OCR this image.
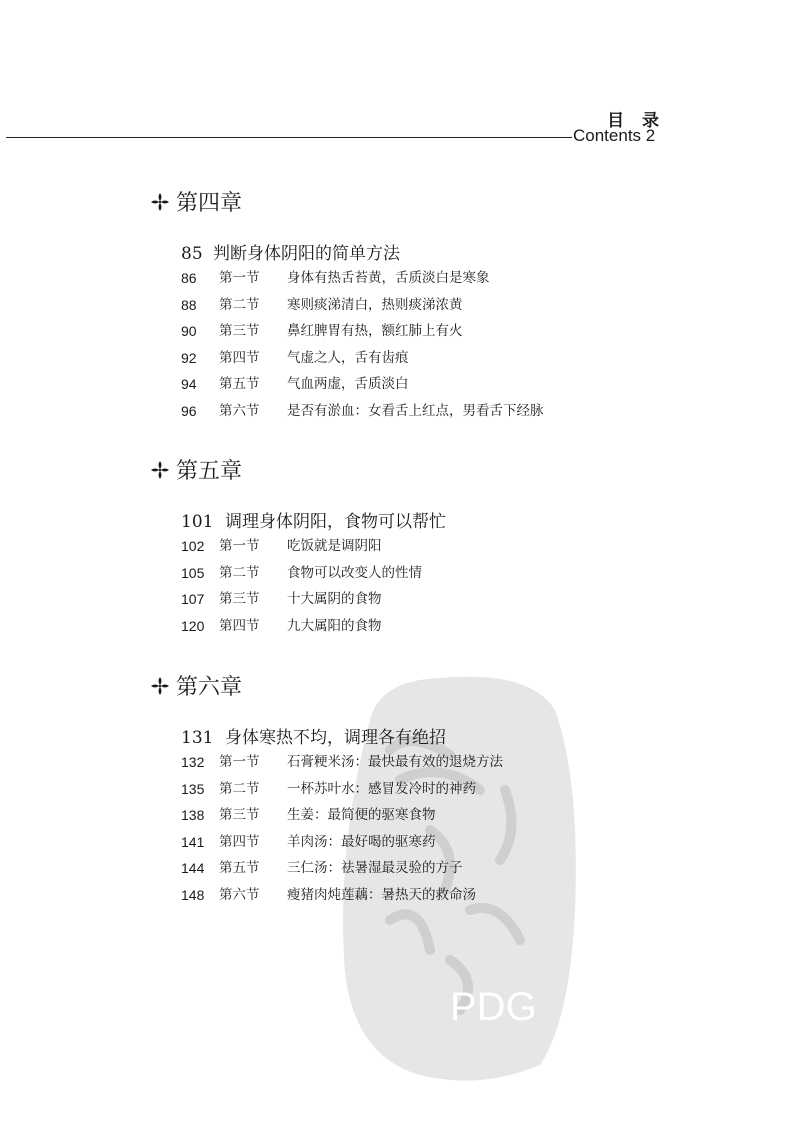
目 录
Contents 2
PDG
第四章
85 判断身体阴阳的简单方法
86	第一节	身体有热舌苔黄，舌质淡白是寒象
88	第二节	寒则痰涕清白，热则痰涕浓黄
90	第三节	鼻红脾胃有热，额红肺上有火
92	第四节	气虚之人，舌有齿痕
94	第五节	气血两虚，舌质淡白
96	第六节	是否有淤血：女看舌上红点，男看舌下经脉
第五章
101 调理身体阴阳，食物可以帮忙
102	第一节	吃饭就是调阴阳
105	第二节	食物可以改变人的性情
107	第三节	十大属阴的食物
120	第四节	九大属阳的食物
第六章
131 身体寒热不均，调理各有绝招
132	第一节	石膏粳米汤：最快最有效的退烧方法
135	第二节	一杯苏叶水：感冒发冷时的神药
138	第三节	生姜：最简便的驱寒食物
141	第四节	羊肉汤：最好喝的驱寒药
144	第五节	三仁汤：祛暑湿最灵验的方子
148	第六节	瘦猪肉炖莲藕：暑热天的救命汤
